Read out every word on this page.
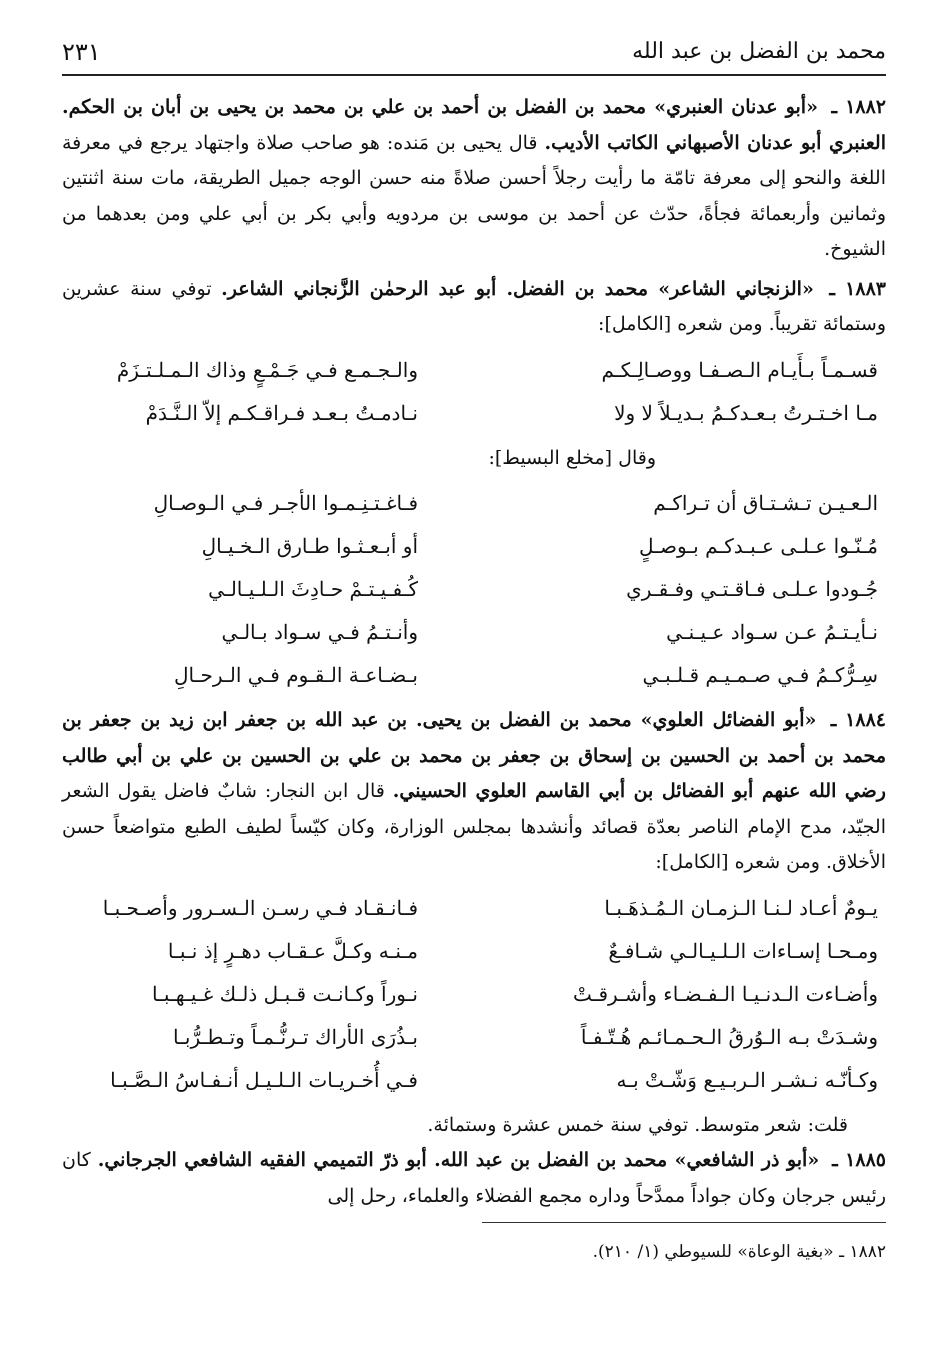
محمد بن الفضل بن عبد الله
٢٣١

١٨٨٢ ـ «أبو عدنان العنبري» محمد بن الفضل بن أحمد بن علي بن محمد بن يحيى بن أبان بن الحكم. العنبري أبو عدنان الأصبهاني الكاتب الأديب. قال يحيى بن مَنده: هو صاحب صلاة واجتهاد يرجع في معرفة اللغة والنحو إلى معرفة تامّة ما رأيت رجلاً أحسن صلاةً منه حسن الوجه جميل الطريقة، مات سنة اثنتين وثمانين وأربعمائة فجأةً، حدّث عن أحمد بن موسى بن مردويه وأبي بكر بن أبي علي ومن بعدهما من الشيوخ.

١٨٨٣ ـ «الزنجاني الشاعر» محمد بن الفضل. أبو عبد الرحمٰن الزَّنجاني الشاعر. توفي سنة عشرين وستمائة تقريباً. ومن شعره [الكامل]:

قسـمـاً بـأَيـام الـصـفـا ووصـالِـكـم
والـجـمـع فـي جَـمْـعٍ وذاك الـمـلـتـزَمْ
مـا اخـتـرتُ بـعـدكـمُ بـديـلاً لا ولا
نـادمـتُ بـعـد فـراقـكـم إلاّ الـنَّـدَمْ

وقال [مخلع البسيط]:

الـعـيـن تـشـتـاق أن تـراكـم
فـاغـتـنِـمـوا الأجـر فـي الـوصـالِ
مُـنّـوا عـلـى عـبـدكـم بـوصـلٍ
أو أبـعـثـوا طـارق الـخـيـالِ
جُـودوا عـلـى فـاقـتـي وفـقـري
كُـفـيـتـمْ حـادِثَ الـلـيـالـي
نـأيـتـمُ عـن سـواد عـيـنـي
وأنـتـمُ فـي سـواد بـالـي
سِـرُّكـمُ فـي صـمـيـم قـلـبـي
بـضـاعـة الـقـوم فـي الـرحـالِ

١٨٨٤ ـ «أبو الفضائل العلوي» محمد بن الفضل بن يحيى. بن عبد الله بن جعفر ابن زيد بن جعفر بن محمد بن أحمد بن الحسين بن إسحاق بن جعفر بن محمد بن علي بن الحسين بن علي بن أبي طالب رضي الله عنهم أبو الفضائل بن أبي القاسم العلوي الحسيني. قال ابن النجار: شابٌ فاضل يقول الشعر الجيّد، مدح الإمام الناصر بعدّة قصائد وأنشدها بمجلس الوزارة، وكان كيّساً لطيف الطبع متواضعاً حسن الأخلاق. ومن شعره [الكامل]:

يـومٌ أعـاد لـنـا الـزمـان الـمُـذهَـبـا
فـانـقـاد فـي رسـن الـسـرور وأصـحـبـا
ومـحـا إسـاءات الـلـيـالـي شـافـعٌ
مـنـه وكـلَّ عـقـاب دهـرٍ إذ نـبـا
وأضـاءت الـدنـيـا الـفـضـاء وأشـرقـتْ
نـوراً وكـانـت قـبـل ذلـك غـيـهـبـا
وشـدَتْ بـه الـوُرقُ الـحـمـائـم هُـتّـفـاً
بـذُرَى الأراك تـرنُّـمـاً وتـطـرُّبـا
وكـأنّـه نـشـر الـربـيـع وَشّـتْ بـه
فـي أُخـريـات الـلـيـل أنـفـاسُ الـصَّـبـا

قلت: شعر متوسط. توفي سنة خمس عشرة وستمائة.

١٨٨٥ ـ «أبو ذر الشافعي» محمد بن الفضل بن عبد الله. أبو ذرّ التميمي الفقيه الشافعي الجرجاني. كان رئيس جرجان وكان جواداً ممدَّحاً وداره مجمع الفضلاء والعلماء، رحل إلى

١٨٨٢ ـ «بغية الوعاة» للسيوطي (١/ ٢١٠).
